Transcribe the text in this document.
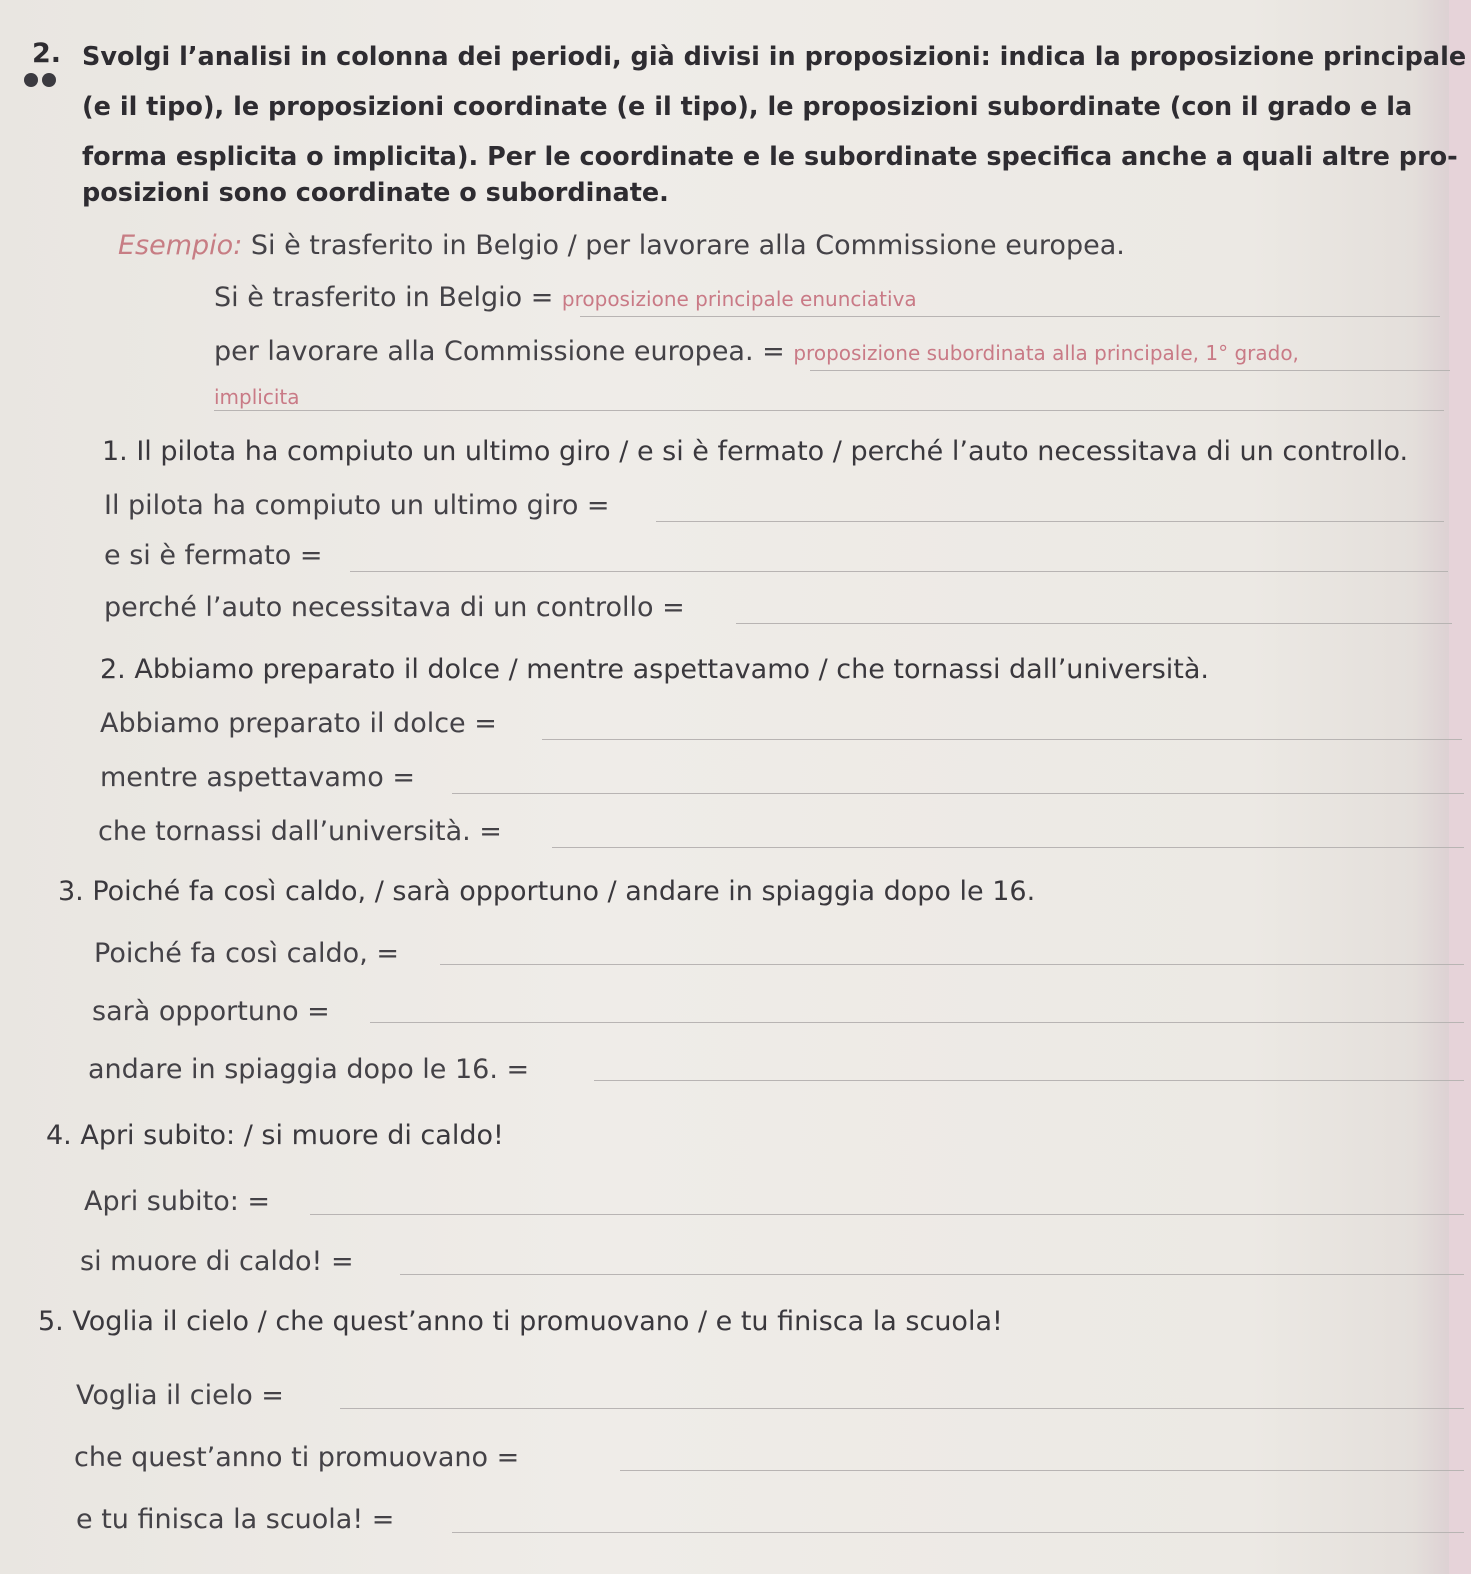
2. Svolgi l’analisi in colonna dei periodi, già divisi in proposizioni: indica la proposizione principale
(e il tipo), le proposizioni coordinate (e il tipo), le proposizioni subordinate (con il grado e la
forma esplicita o implicita). Per le coordinate e le subordinate specifica anche a quali altre pro-
posizioni sono coordinate o subordinate.
Esempio: Si è trasferito in Belgio / per lavorare alla Commissione europea.
Si è trasferito in Belgio = proposizione principale enunciativa
per lavorare alla Commissione europea. = proposizione subordinata alla principale, 1° grado,
implicita
1. Il pilota ha compiuto un ultimo giro / e si è fermato / perché l’auto necessitava di un controllo.
Il pilota ha compiuto un ultimo giro =
e si è fermato =
perché l’auto necessitava di un controllo =
2. Abbiamo preparato il dolce / mentre aspettavamo / che tornassi dall’università.
Abbiamo preparato il dolce =
mentre aspettavamo =
che tornassi dall’università. =
3. Poiché fa così caldo, / sarà opportuno / andare in spiaggia dopo le 16.
Poiché fa così caldo, =
sarà opportuno =
andare in spiaggia dopo le 16. =
4. Apri subito: / si muore di caldo!
Apri subito: =
si muore di caldo! =
5. Voglia il cielo / che quest’anno ti promuovano / e tu finisca la scuola!
Voglia il cielo =
che quest’anno ti promuovano =
e tu finisca la scuola! =
